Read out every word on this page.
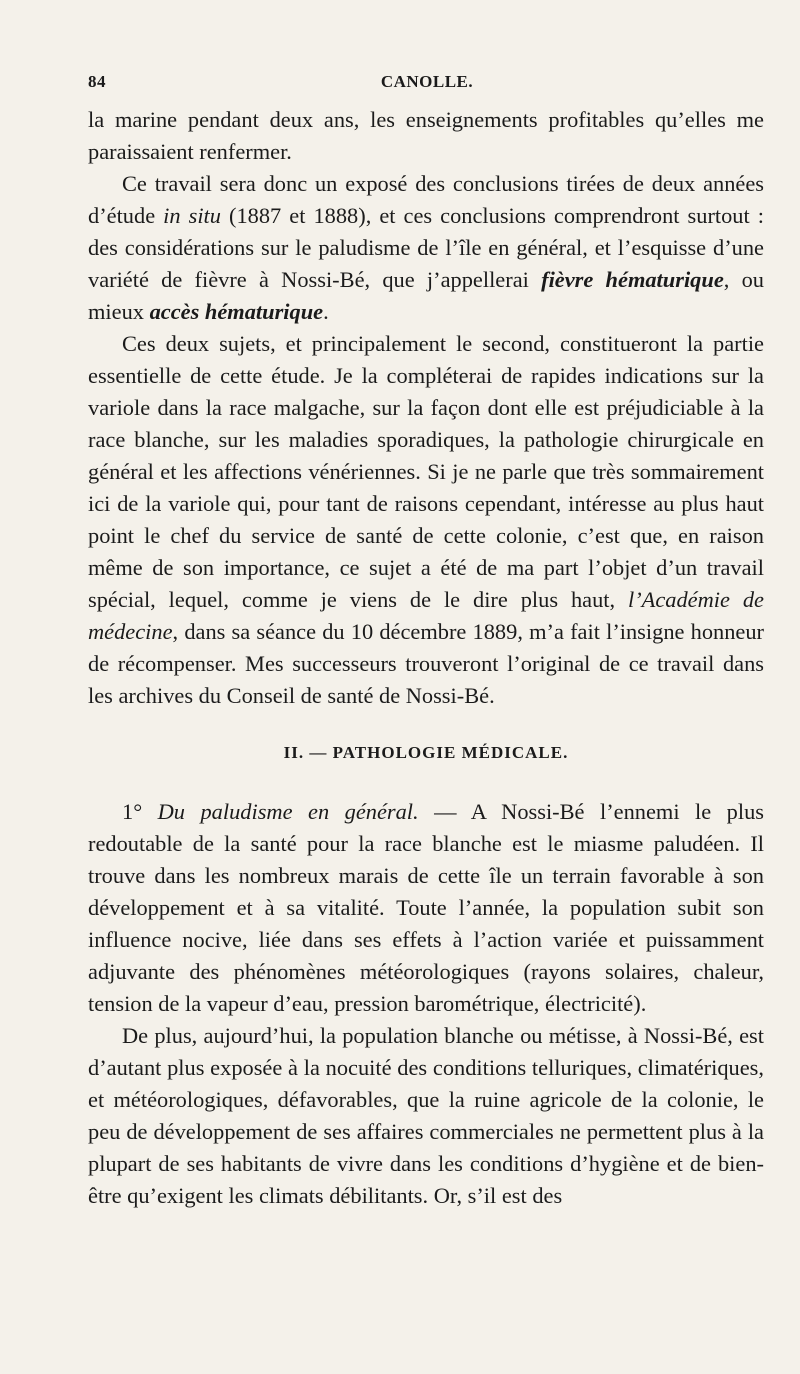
84	CANOLLE.

la marine pendant deux ans, les enseignements profitables qu’elles me paraissaient renfermer.

Ce travail sera donc un exposé des conclusions tirées de deux années d’étude in situ (1887 et 1888), et ces conclusions comprendront surtout : des considérations sur le paludisme de l’île en général, et l’esquisse d’une variété de fièvre à Nossi-Bé, que j’appellerai fièvre hématurique, ou mieux accès hématurique.

Ces deux sujets, et principalement le second, constitueront la partie essentielle de cette étude. Je la compléterai de rapides indications sur la variole dans la race malgache, sur la façon dont elle est préjudiciable à la race blanche, sur les maladies sporadiques, la pathologie chirurgicale en général et les affections vénériennes. Si je ne parle que très sommairement ici de la variole qui, pour tant de raisons cependant, intéresse au plus haut point le chef du service de santé de cette colonie, c’est que, en raison même de son importance, ce sujet a été de ma part l’objet d’un travail spécial, lequel, comme je viens de le dire plus haut, l’Académie de médecine, dans sa séance du 10 décembre 1889, m’a fait l’insigne honneur de récompenser. Mes successeurs trouveront l’original de ce travail dans les archives du Conseil de santé de Nossi-Bé.

II. — PATHOLOGIE MÉDICALE.

1° Du paludisme en général. — A Nossi-Bé l’ennemi le plus redoutable de la santé pour la race blanche est le miasme paludéen. Il trouve dans les nombreux marais de cette île un terrain favorable à son développement et à sa vitalité. Toute l’année, la population subit son influence nocive, liée dans ses effets à l’action variée et puissamment adjuvante des phénomènes météorologiques (rayons solaires, chaleur, tension de la vapeur d’eau, pression barométrique, électricité).

De plus, aujourd’hui, la population blanche ou métisse, à Nossi-Bé, est d’autant plus exposée à la nocuité des conditions telluriques, climatériques, et météorologiques, défavorables, que la ruine agricole de la colonie, le peu de développement de ses affaires commerciales ne permettent plus à la plupart de ses habitants de vivre dans les conditions d’hygiène et de bien-être qu’exigent les climats débilitants. Or, s’il est des
